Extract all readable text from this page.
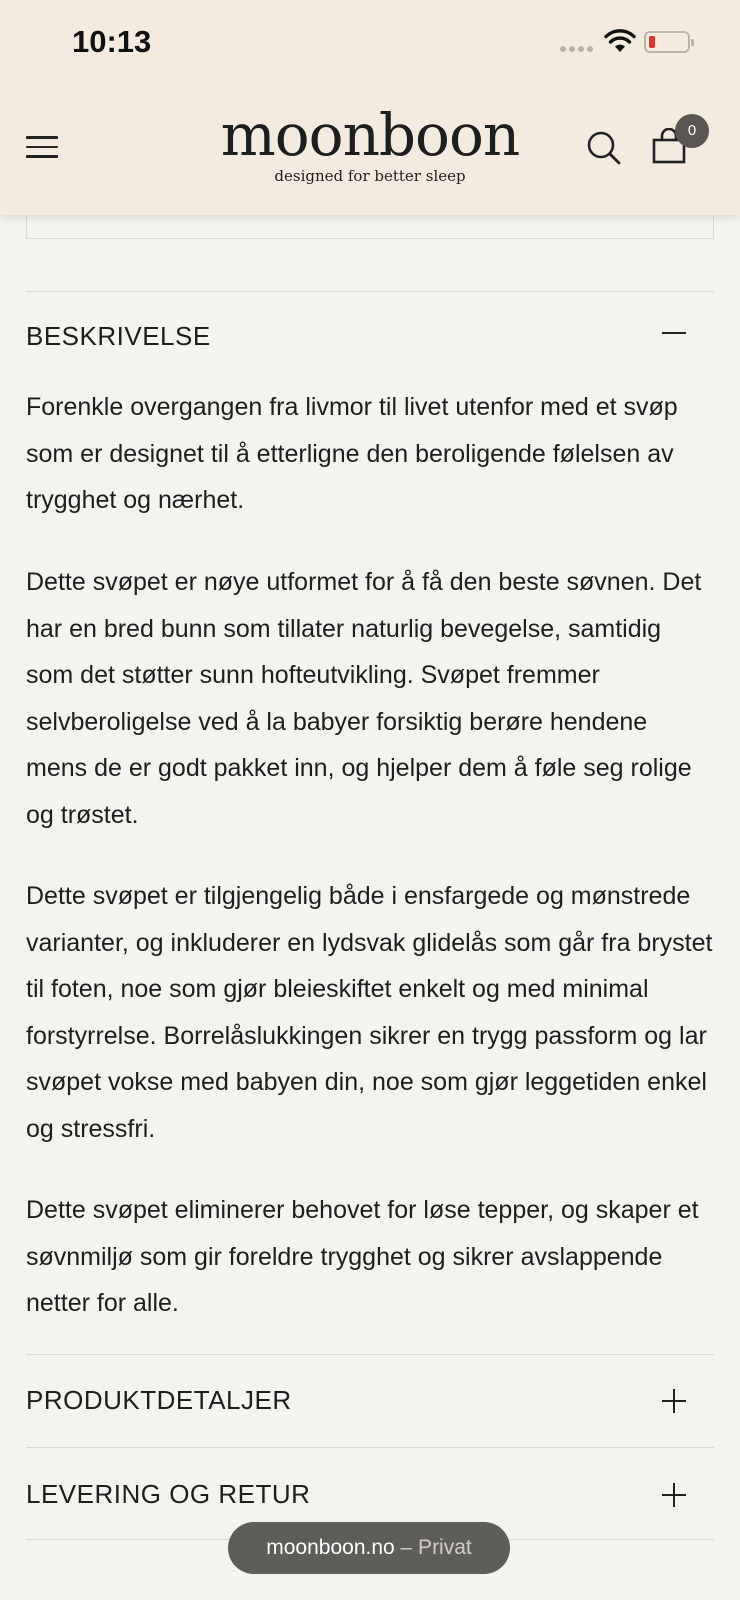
10:13
moonboon
designed for better sleep
0
BESKRIVELSE
Forenkle overgangen fra livmor til livet utenfor med et svøp som er designet til å etterligne den beroligende følelsen av trygghet og nærhet.
Dette svøpet er nøye utformet for å få den beste søvnen. Det har en bred bunn som tillater naturlig bevegelse, samtidig som det støtter sunn hofteutvikling. Svøpet fremmer selvberoligelse ved å la babyer forsiktig berøre hendene mens de er godt pakket inn, og hjelper dem å føle seg rolige og trøstet.
Dette svøpet er tilgjengelig både i ensfargede og mønstrede varianter, og inkluderer en lydsvak glidelås som går fra brystet til foten, noe som gjør bleieskiftet enkelt og med minimal forstyrrelse. Borrelåslukkingen sikrer en trygg passform og lar svøpet vokse med babyen din, noe som gjør leggetiden enkel og stressfri.
Dette svøpet eliminerer behovet for løse tepper, og skaper et søvnmiljø som gir foreldre trygghet og sikrer avslappende netter for alle.
PRODUKTDETALJER
LEVERING OG RETUR
moonboon.no – Privat
